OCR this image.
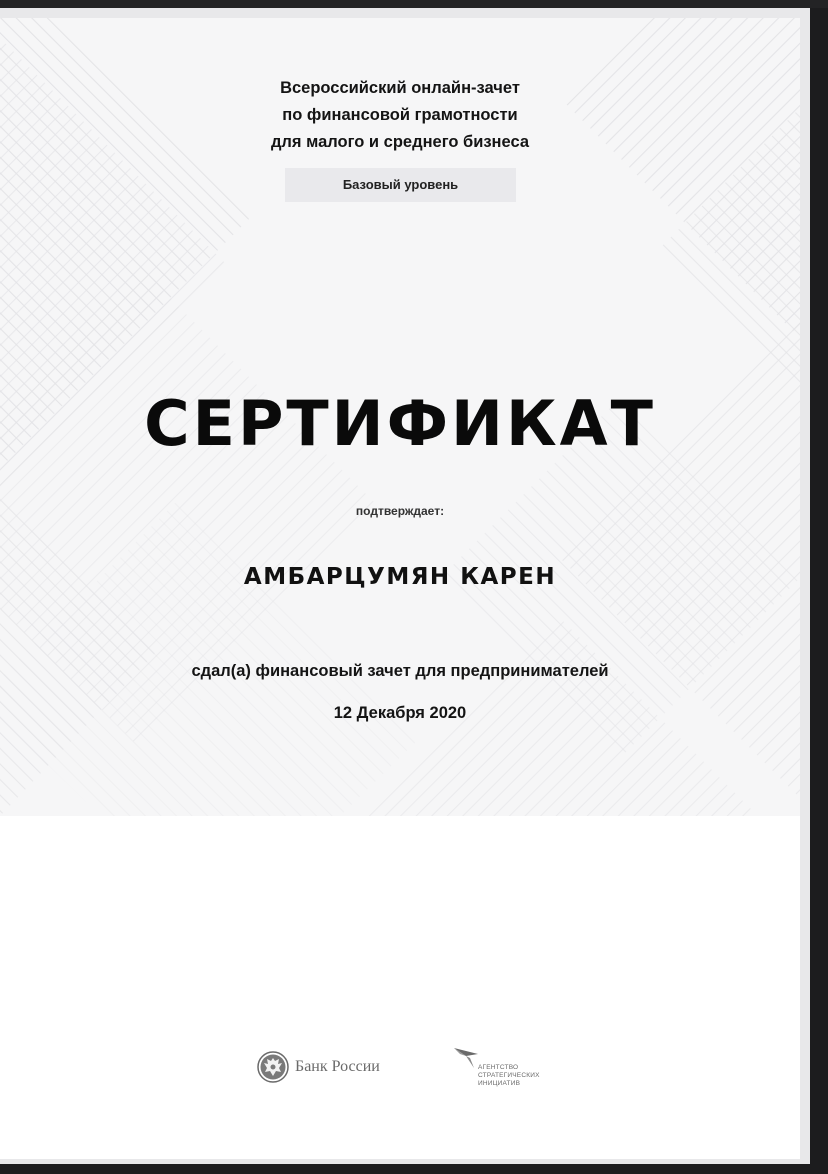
Всероссийский онлайн-зачет
по финансовой грамотности
для малого и среднего бизнеса
Базовый уровень
СЕРТИФИКАТ
подтверждает:
АМБАРЦУМЯН КАРЕН
сдал(а) финансовый зачет для предпринимателей
12 Декабря 2020
Банк России	АГЕНТСТВО
СТРАТЕГИЧЕСКИХ
ИНИЦИАТИВ
